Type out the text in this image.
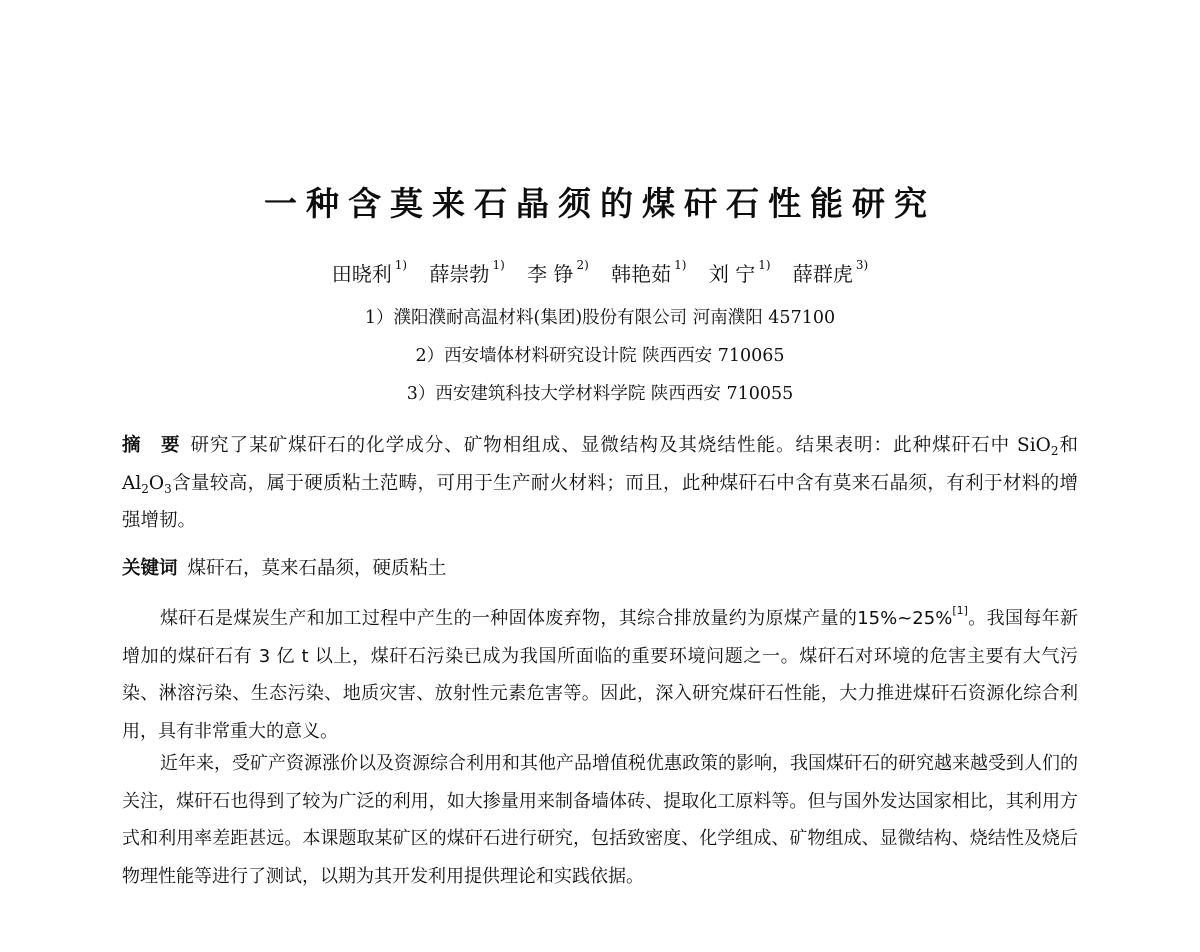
一种含莫来石晶须的煤矸石性能研究

田晓利 $^{1)}$ 薛崇勃 $^{1)}$ 李 铮 $^{2)}$ 韩艳茹 $^{1)}$ 刘 宁 $^{1)}$ 薛群虎 $^{3)}$

1）濮阳濮耐高温材料(集团)股份有限公司 河南濮阳 457100

2）西安墙体材料研究设计院 陕西西安 710065

3）西安建筑科技大学材料学院 陕西西安 710055

摘　要 研究了某矿煤矸石的化学成分、矿物相组成、显微结构及其烧结性能。结果表明：此种煤矸石中 SiO$_2$和 $Al_2O_3$含量较高，属于硬质粘土范畴，可用于生产耐火材料；而且，此种煤矸石中含有莫来石晶须，有利于材料的增强增韧。

关键词 煤矸石，莫来石晶须，硬质粘土

煤矸石是煤炭生产和加工过程中产生的一种固体废弃物，其综合排放量约为原煤产量的15%~25%[1]。我国每年新增加的煤矸石有 3 亿 t 以上，煤矸石污染已成为我国所面临的重要环境问题之一。煤矸石对环境的危害主要有大气污染、淋溶污染、生态污染、地质灾害、放射性元素危害等。因此，深入研究煤矸石性能，大力推进煤矸石资源化综合利用，具有非常重大的意义。

近年来，受矿产资源涨价以及资源综合利用和其他产品增值税优惠政策的影响，我国煤矸石的研究越来越受到人们的关注，煤矸石也得到了较为广泛的利用，如大掺量用来制备墙体砖、提取化工原料等。但与国外发达国家相比，其利用方式和利用率差距甚远。本课题取某矿区的煤矸石进行研究，包括致密度、化学组成、矿物组成、显微结构、烧结性及烧后物理性能等进行了测试，以期为其开发利用提供理论和实践依据。
